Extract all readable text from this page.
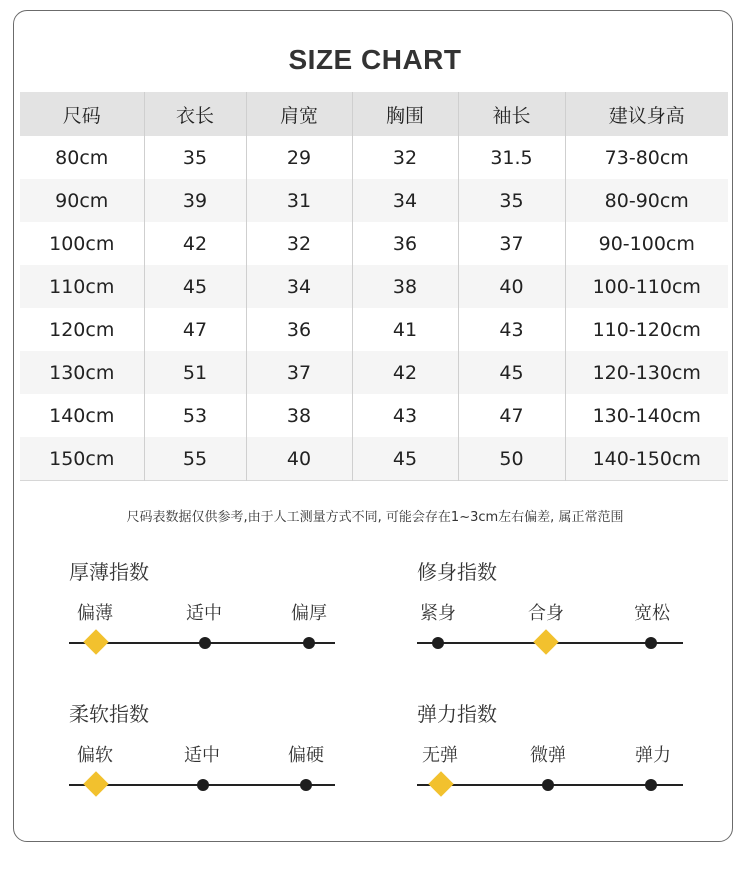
SIZE CHART
尺码	衣长	肩宽	胸围	袖长	建议身高
80cm	35	29	32	31.5	73-80cm
90cm	39	31	34	35	80-90cm
100cm	42	32	36	37	90-100cm
110cm	45	34	38	40	100-110cm
120cm	47	36	41	43	110-120cm
130cm	51	37	42	45	120-130cm
140cm	53	38	43	47	130-140cm
150cm	55	40	45	50	140-150cm
尺码表数据仅供参考,由于人工测量方式不同, 可能会存在1~3cm左右偏差, 属正常范围
厚薄指数
偏薄	适中	偏厚
修身指数
紧身	合身	宽松
柔软指数
偏软	适中	偏硬
弹力指数
无弹	微弹	弹力
